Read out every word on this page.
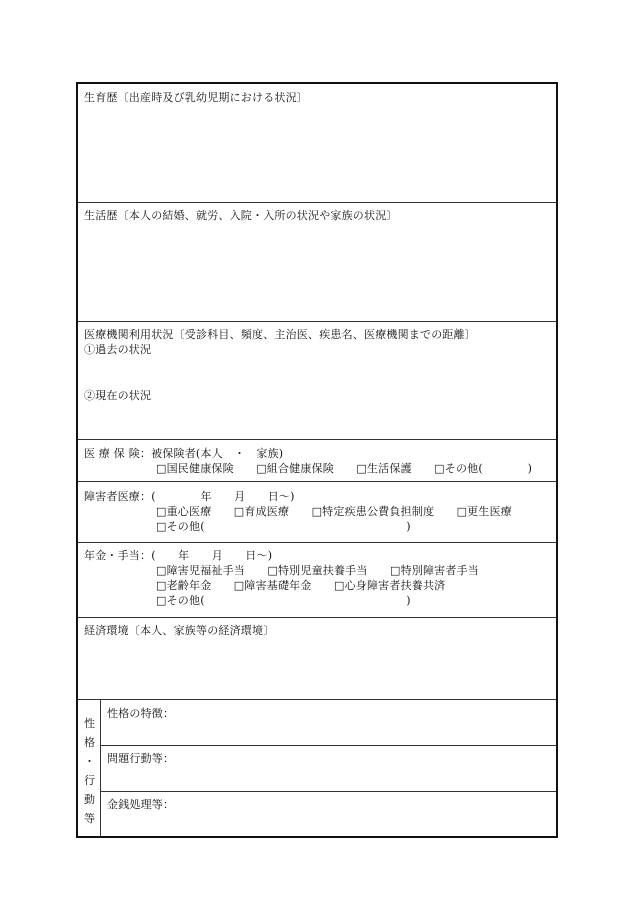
生育歴〔出産時及び乳幼児期における状況〕
生活歴〔本人の結婚、就労、入院・入所の状況や家族の状況〕
医療機関利用状況〔受診科目、頻度、主治医、疾患名、医療機関までの距離〕
①過去の状況
②現在の状況
医 療 保 険：被保険者(本人　・　家族)
□国民健康保険　　□組合健康保険　　□生活保護　　□その他(　　　　)
障害者医療：(　　　　年　　月　　日〜)
□重心医療　　□育成医療　　□特定疾患公費負担制度　　□更生医療
□その他(　　　　　　　　　　　　　　　　　　)
年金・手当：(　　年　　月　　日〜)
□障害児福祉手当　　□特別児童扶養手当　　□特別障害者手当
□老齢年金　　□障害基礎年金　　□心身障害者扶養共済
□その他(　　　　　　　　　　　　　　　　　　)
経済環境〔本人、家族等の経済環境〕
性
格
・
行
動
等
性格の特徴：
問題行動等：
金銭処理等：
